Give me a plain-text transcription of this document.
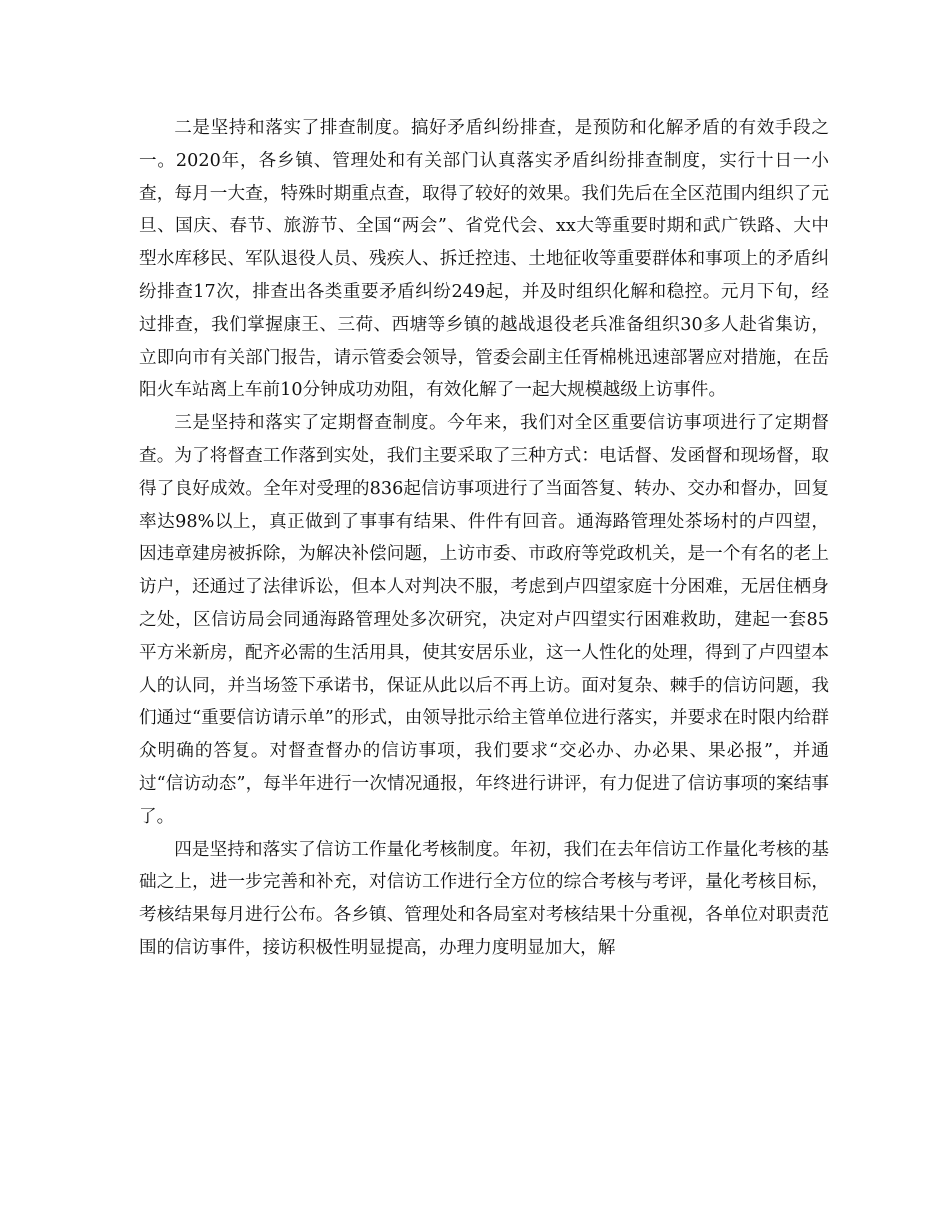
二是坚持和落实了排查制度。搞好矛盾纠纷排查，是预防和化解矛盾的有效手段之一。2020年，各乡镇、管理处和有关部门认真落实矛盾纠纷排查制度，实行十日一小查，每月一大查，特殊时期重点查，取得了较好的效果。我们先后在全区范围内组织了元旦、国庆、春节、旅游节、全国“两会”、省党代会、xx大等重要时期和武广铁路、大中型水库移民、军队退役人员、残疾人、拆迁控违、土地征收等重要群体和事项上的矛盾纠纷排查17次，排查出各类重要矛盾纠纷249起，并及时组织化解和稳控。元月下旬，经过排查，我们掌握康王、三荷、西塘等乡镇的越战退役老兵准备组织30多人赴省集访，立即向市有关部门报告，请示管委会领导，管委会副主任胥棉桃迅速部署应对措施，在岳阳火车站离上车前10分钟成功劝阻，有效化解了一起大规模越级上访事件。

三是坚持和落实了定期督查制度。今年来，我们对全区重要信访事项进行了定期督查。为了将督查工作落到实处，我们主要采取了三种方式：电话督、发函督和现场督，取得了良好成效。全年对受理的836起信访事项进行了当面答复、转办、交办和督办，回复率达98%以上，真正做到了事事有结果、件件有回音。通海路管理处茶场村的卢四望，因违章建房被拆除，为解决补偿问题，上访市委、市政府等党政机关，是一个有名的老上访户，还通过了法律诉讼，但本人对判决不服，考虑到卢四望家庭十分困难，无居住栖身之处，区信访局会同通海路管理处多次研究，决定对卢四望实行困难救助，建起一套85平方米新房，配齐必需的生活用具，使其安居乐业，这一人性化的处理，得到了卢四望本人的认同，并当场签下承诺书，保证从此以后不再上访。面对复杂、棘手的信访问题，我们通过“重要信访请示单”的形式，由领导批示给主管单位进行落实，并要求在时限内给群众明确的答复。对督查督办的信访事项，我们要求“交必办、办必果、果必报”，并通过“信访动态”，每半年进行一次情况通报，年终进行讲评，有力促进了信访事项的案结事了。

四是坚持和落实了信访工作量化考核制度。年初，我们在去年信访工作量化考核的基础之上，进一步完善和补充，对信访工作进行全方位的综合考核与考评，量化考核目标，考核结果每月进行公布。各乡镇、管理处和各局室对考核结果十分重视，各单位对职责范围的信访事件，接访积极性明显提高，办理力度明显加大，解
